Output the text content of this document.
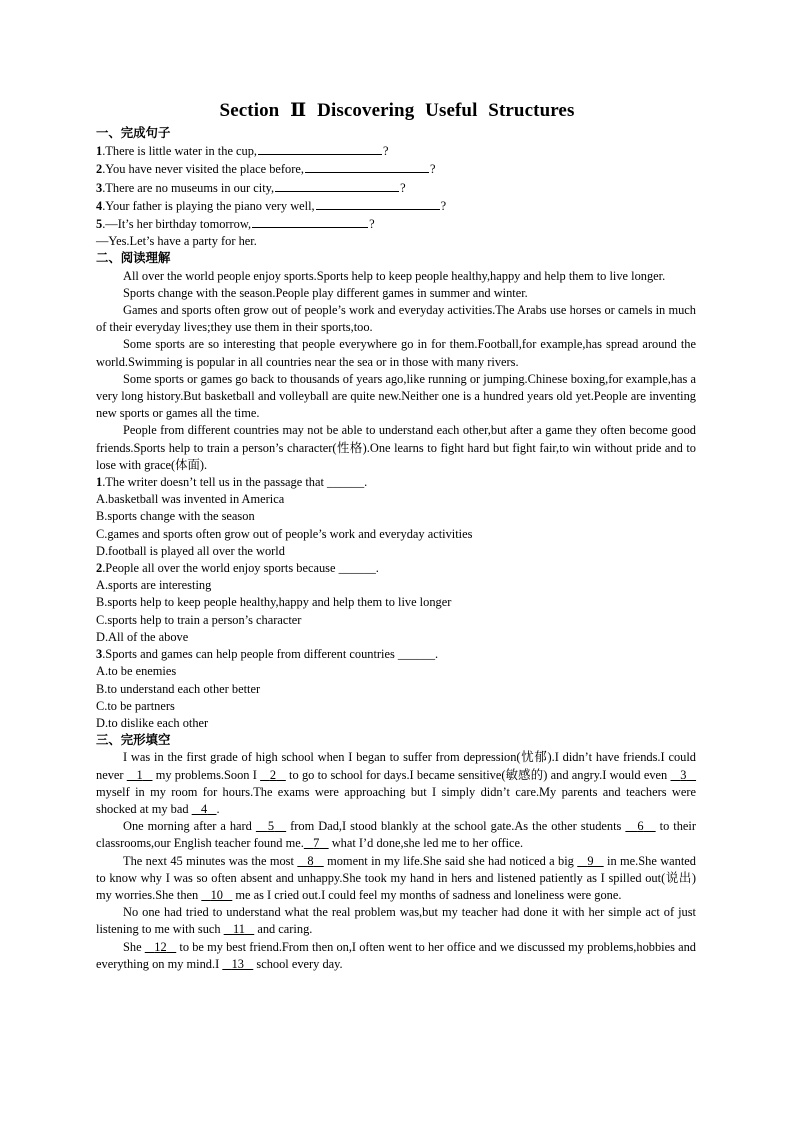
Section Ⅱ Discovering Useful Structures
一、完成句子
1.There is little water in the cup,	?
2.You have never visited the place before,	?
3.There are no museums in our city,	?
4.Your father is playing the piano very well,	?
5.—It’s her birthday tomorrow,	?
—Yes.Let’s have a party for her.
二、阅读理解
All over the world people enjoy sports.Sports help to keep people healthy,happy and help them to live longer.
Sports change with the season.People play different games in summer and winter.
Games and sports often grow out of people’s work and everyday activities.The Arabs use horses or camels in much of their everyday lives;they use them in their sports,too.
Some sports are so interesting that people everywhere go in for them.Football,for example,has spread around the world.Swimming is popular in all countries near the sea or in those with many rivers.
Some sports or games go back to thousands of years ago,like running or jumping.Chinese boxing,for example,has a very long history.But basketball and volleyball are quite new.Neither one is a hundred years old yet.People are inventing new sports or games all the time.
People from different countries may not be able to understand each other,but after a game they often become good friends.Sports help to train a person’s character(性格).One learns to fight hard but fight fair,to win without pride and to lose with grace(体面).
1.The writer doesn’t tell us in the passage that ______.
A.basketball was invented in America
B.sports change with the season
C.games and sports often grow out of people’s work and everyday activities
D.football is played all over the world
2.People all over the world enjoy sports because ______.
A.sports are interesting
B.sports help to keep people healthy,happy and help them to live longer
C.sports help to train a person’s character
D.All of the above
3.Sports and games can help people from different countries ______.
A.to be enemies
B.to understand each other better
C.to be partners
D.to dislike each other
三、完形填空
I was in the first grade of high school when I began to suffer from depression(忧郁).I didn’t have friends.I could never    1    my problems.Soon I    2    to go to school for days.I became sensitive(敏感的) and angry.I would even    3    myself in my room for hours.The exams were approaching but I simply didn’t care.My parents and teachers were shocked at my bad    4 .
One morning after a hard    5    from Dad,I stood blankly at the school gate.As the other students    6    to their classrooms,our English teacher found me. 7    what I’d done,she led me to her office.
The next 45 minutes was the most    8    moment in my life.She said she had noticed a big    9    in me.She wanted to know why I was so often absent and unhappy.She took my hand in hers and listened patiently as I spilled out(说出) my worries.She then    10    me as I cried out.I could feel my months of sadness and loneliness were gone.
No one had tried to understand what the real problem was,but my teacher had done it with her simple act of just listening to me with such    11    and caring.
She    12    to be my best friend.From then on,I often went to her office and we discussed my problems,hobbies and everything on my mind.I    13    school every day.
